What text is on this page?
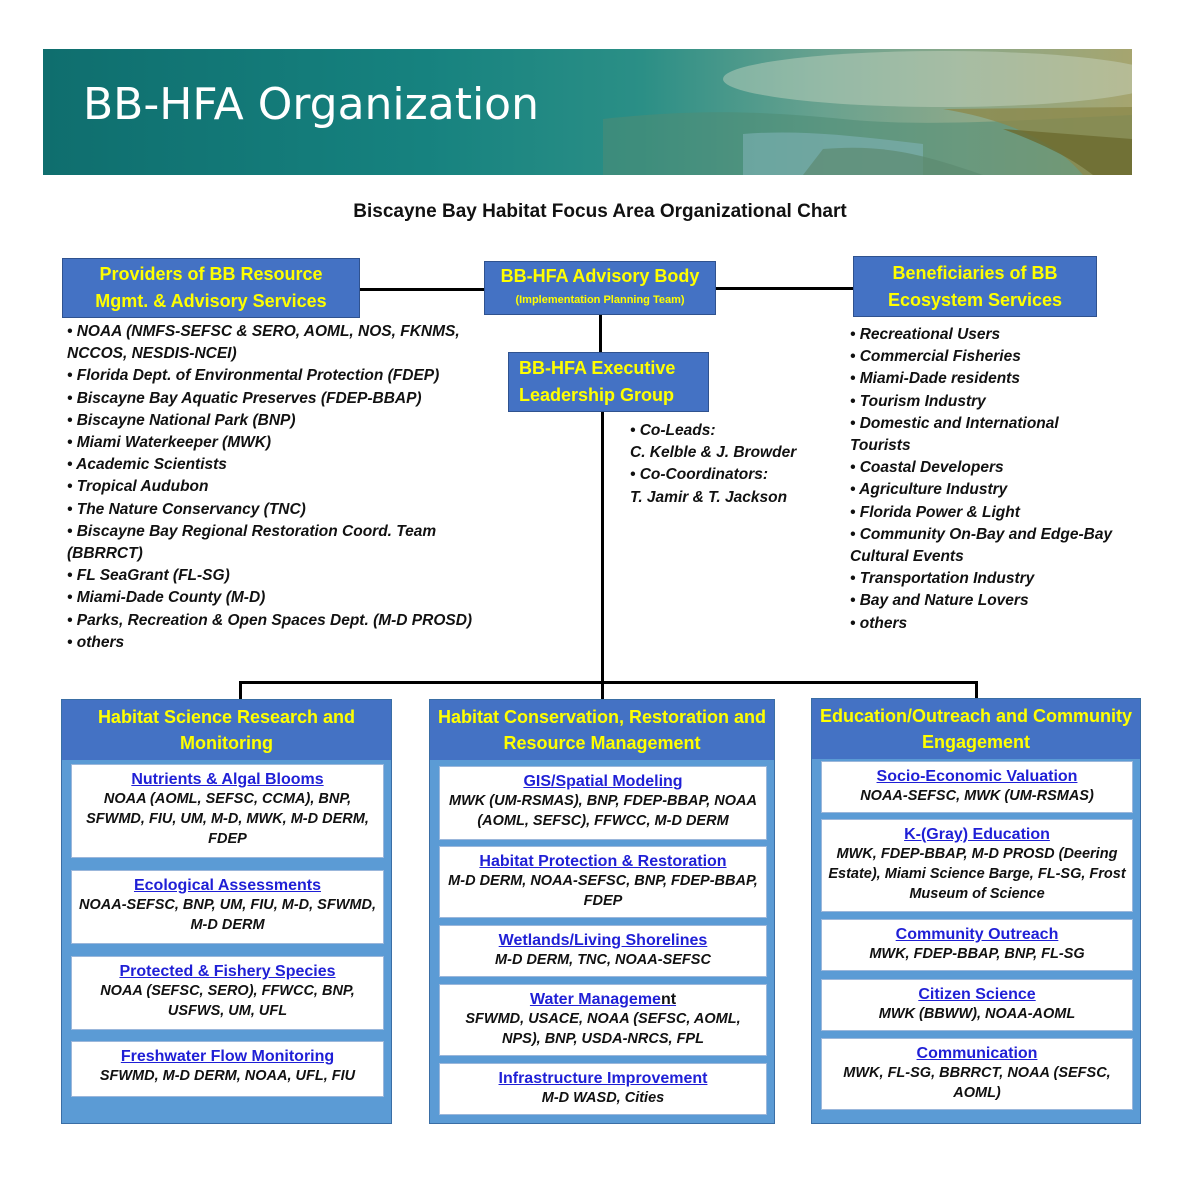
BB-HFA Organization
Biscayne Bay Habitat Focus Area Organizational Chart
Providers of BB Resource
Mgmt. & Advisory Services
BB-HFA Advisory Body
(Implementation Planning Team)
Beneficiaries of BB
Ecosystem Services
BB-HFA Executive
Leadership Group
• NOAA (NMFS-SEFSC & SERO, AOML, NOS, FKNMS,
NCCOS, NESDIS-NCEI)
• Florida Dept. of Environmental Protection (FDEP)
• Biscayne Bay Aquatic Preserves (FDEP-BBAP)
• Biscayne National Park (BNP)
• Miami Waterkeeper (MWK)
• Academic Scientists
• Tropical Audubon
• The Nature Conservancy (TNC)
• Biscayne Bay Regional Restoration Coord. Team
(BBRRCT)
• FL SeaGrant (FL-SG)
• Miami-Dade County (M-D)
• Parks, Recreation & Open Spaces Dept. (M-D PROSD)
• others
• Co-Leads:
C. Kelble & J. Browder
• Co-Coordinators:
T. Jamir & T. Jackson
• Recreational Users
• Commercial Fisheries
• Miami-Dade residents
• Tourism Industry
• Domestic and International
Tourists
• Coastal Developers
• Agriculture Industry
• Florida Power & Light
• Community On-Bay and Edge-Bay
Cultural Events
• Transportation Industry
• Bay and Nature Lovers
• others
Habitat Science Research and Monitoring
Nutrients & Algal Blooms
NOAA (AOML, SEFSC, CCMA), BNP, SFWMD, FIU, UM, M-D, MWK, M-D DERM, FDEP
Ecological Assessments
NOAA-SEFSC, BNP, UM, FIU, M-D, SFWMD, M-D DERM
Protected & Fishery Species
NOAA (SEFSC, SERO), FFWCC, BNP, USFWS, UM, UFL
Freshwater Flow Monitoring
SFWMD, M-D DERM, NOAA, UFL, FIU
Habitat Conservation, Restoration and Resource Management
GIS/Spatial Modeling
MWK (UM-RSMAS), BNP, FDEP-BBAP, NOAA (AOML, SEFSC), FFWCC, M-D DERM
Habitat Protection & Restoration
M-D DERM, NOAA-SEFSC, BNP, FDEP-BBAP, FDEP
Wetlands/Living Shorelines
M-D DERM, TNC, NOAA-SEFSC
Water Management
SFWMD, USACE, NOAA (SEFSC, AOML, NPS), BNP, USDA-NRCS, FPL
Infrastructure Improvement
M-D WASD, Cities
Education/Outreach and Community Engagement
Socio-Economic Valuation
NOAA-SEFSC, MWK (UM-RSMAS)
K-(Gray) Education
MWK, FDEP-BBAP, M-D PROSD (Deering Estate), Miami Science Barge, FL-SG, Frost Museum of Science
Community Outreach
MWK, FDEP-BBAP, BNP, FL-SG
Citizen Science
MWK (BBWW), NOAA-AOML
Communication
MWK, FL-SG, BBRRCT, NOAA (SEFSC, AOML)
